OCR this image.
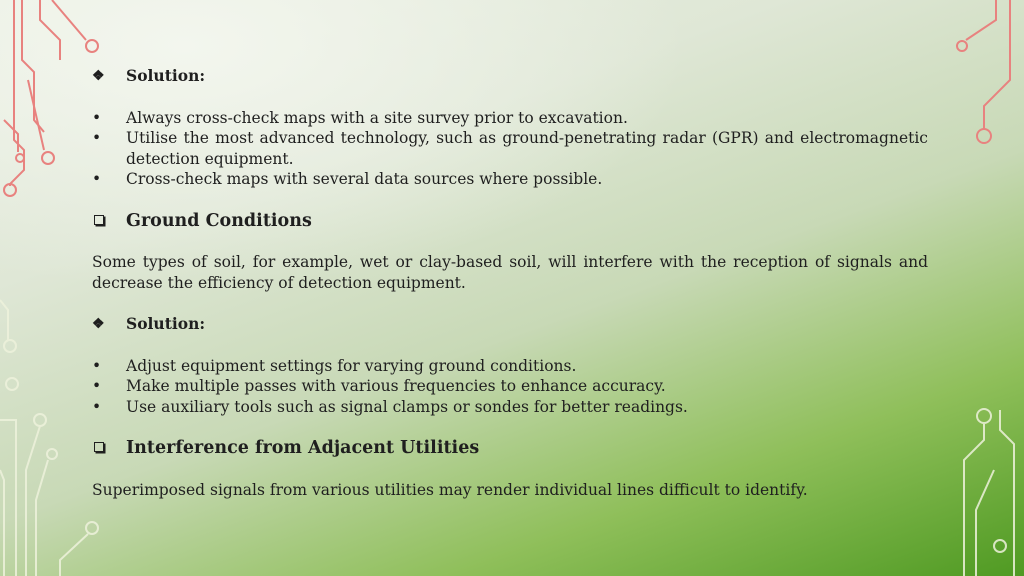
❖	Solution:
•	Always cross-check maps with a site survey prior to excavation.
•	Utilise the most advanced technology, such as ground-penetrating radar (GPR) and electromagnetic detection equipment.
•	Cross-check maps with several data sources where possible.
Ground Conditions
Some types of soil, for example, wet or clay-based soil, will interfere with the reception of signals and decrease the efficiency of detection equipment.
❖	Solution:
•	Adjust equipment settings for varying ground conditions.
•	Make multiple passes with various frequencies to enhance accuracy.
•	Use auxiliary tools such as signal clamps or sondes for better readings.
Interference from Adjacent Utilities
Superimposed signals from various utilities may render individual lines difficult to identify.
